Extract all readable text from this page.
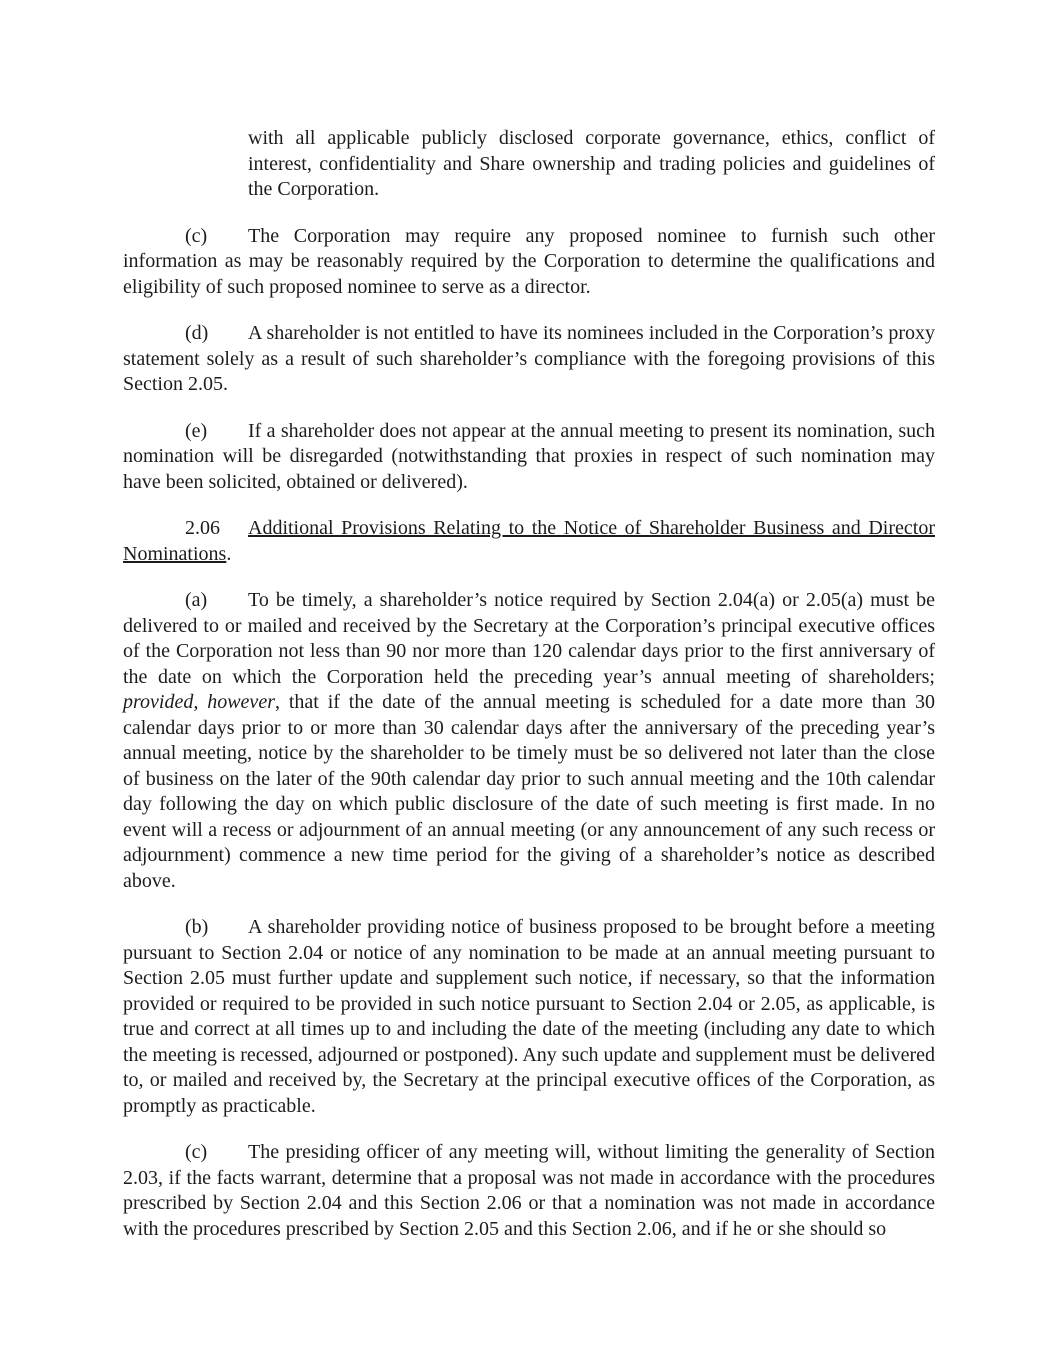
with all applicable publicly disclosed corporate governance, ethics, conflict of interest, confidentiality and Share ownership and trading policies and guidelines of the Corporation.

(c) The Corporation may require any proposed nominee to furnish such other information as may be reasonably required by the Corporation to determine the qualifications and eligibility of such proposed nominee to serve as a director.

(d) A shareholder is not entitled to have its nominees included in the Corporation’s proxy statement solely as a result of such shareholder’s compliance with the foregoing provisions of this Section 2.05.

(e) If a shareholder does not appear at the annual meeting to present its nomination, such nomination will be disregarded (notwithstanding that proxies in respect of such nomination may have been solicited, obtained or delivered).

2.06 Additional Provisions Relating to the Notice of Shareholder Business and Director Nominations.

(a) To be timely, a shareholder’s notice required by Section 2.04(a) or 2.05(a) must be delivered to or mailed and received by the Secretary at the Corporation’s principal executive offices of the Corporation not less than 90 nor more than 120 calendar days prior to the first anniversary of the date on which the Corporation held the preceding year’s annual meeting of shareholders; provided, however, that if the date of the annual meeting is scheduled for a date more than 30 calendar days prior to or more than 30 calendar days after the anniversary of the preceding year’s annual meeting, notice by the shareholder to be timely must be so delivered not later than the close of business on the later of the 90th calendar day prior to such annual meeting and the 10th calendar day following the day on which public disclosure of the date of such meeting is first made. In no event will a recess or adjournment of an annual meeting (or any announcement of any such recess or adjournment) commence a new time period for the giving of a shareholder’s notice as described above.

(b) A shareholder providing notice of business proposed to be brought before a meeting pursuant to Section 2.04 or notice of any nomination to be made at an annual meeting pursuant to Section 2.05 must further update and supplement such notice, if necessary, so that the information provided or required to be provided in such notice pursuant to Section 2.04 or 2.05, as applicable, is true and correct at all times up to and including the date of the meeting (including any date to which the meeting is recessed, adjourned or postponed). Any such update and supplement must be delivered to, or mailed and received by, the Secretary at the principal executive offices of the Corporation, as promptly as practicable.

(c) The presiding officer of any meeting will, without limiting the generality of Section 2.03, if the facts warrant, determine that a proposal was not made in accordance with the procedures prescribed by Section 2.04 and this Section 2.06 or that a nomination was not made in accordance with the procedures prescribed by Section 2.05 and this Section 2.06, and if he or she should so
